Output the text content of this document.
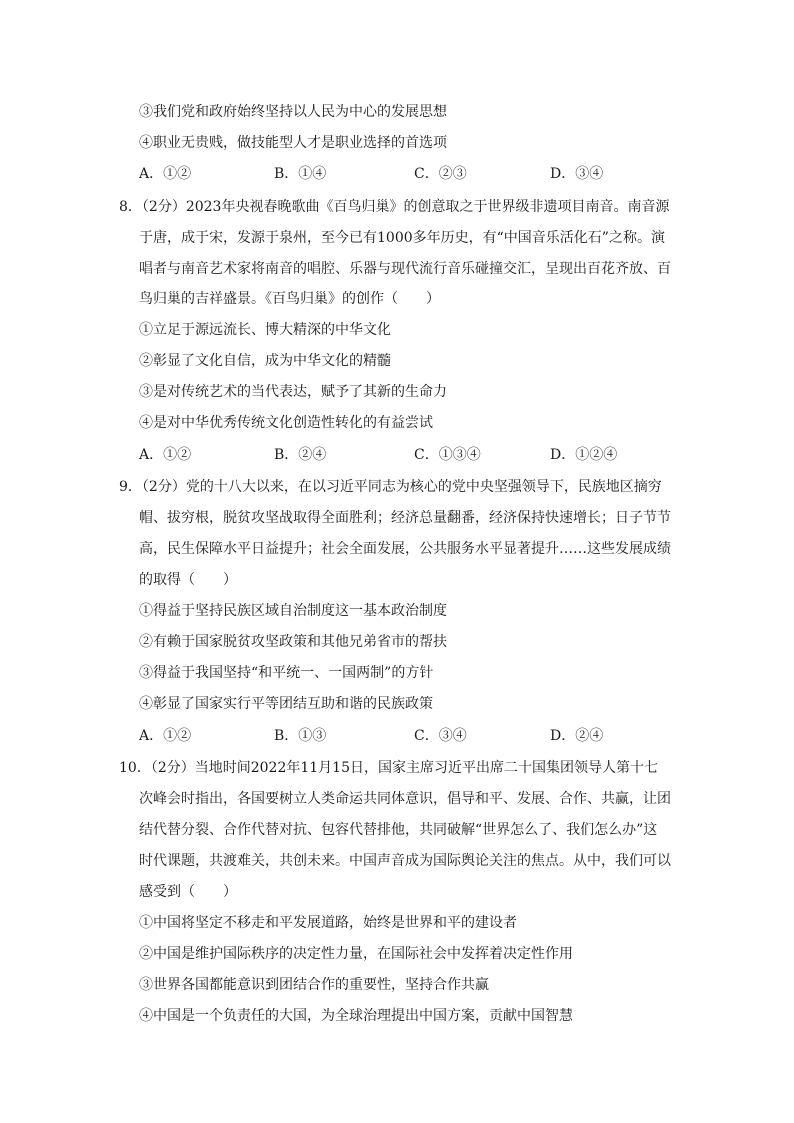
③我们党和政府始终坚持以人民为中心的发展思想
④职业无贵贱，做技能型人才是职业选择的首选项
A．①②	B．①④	C．②③	D．③④
8．（2分）2023年央视春晚歌曲《百鸟归巢》的创意取之于世界级非遗项目南音。南音源
于唐，成于宋，发源于泉州，至今已有1000多年历史，有“中国音乐活化石”之称。演
唱者与南音艺术家将南音的唱腔、乐器与现代流行音乐碰撞交汇，呈现出百花齐放、百
鸟归巢的吉祥盛景。《百鸟归巢》的创作（　　）
①立足于源远流长、博大精深的中华文化
②彰显了文化自信，成为中华文化的精髓
③是对传统艺术的当代表达，赋予了其新的生命力
④是对中华优秀传统文化创造性转化的有益尝试
A．①②	B．②④	C．①③④	D．①②④
9．（2分）党的十八大以来，在以习近平同志为核心的党中央坚强领导下，民族地区摘穷
帽、拔穷根，脱贫攻坚战取得全面胜利；经济总量翻番，经济保持快速增长；日子节节
高，民生保障水平日益提升；社会全面发展，公共服务水平显著提升……这些发展成绩
的取得（　　）
①得益于坚持民族区域自治制度这一基本政治制度
②有赖于国家脱贫攻坚政策和其他兄弟省市的帮扶
③得益于我国坚持“和平统一、一国两制”的方针
④彰显了国家实行平等团结互助和谐的民族政策
A．①②	B．①③	C．③④	D．②④
10．（2分）当地时间2022年11月15日，国家主席习近平出席二十国集团领导人第十七
次峰会时指出，各国要树立人类命运共同体意识，倡导和平、发展、合作、共赢，让团
结代替分裂、合作代替对抗、包容代替排他，共同破解“世界怎么了、我们怎么办”这
时代课题，共渡难关，共创未来。中国声音成为国际舆论关注的焦点。从中，我们可以
感受到（　　）
①中国将坚定不移走和平发展道路，始终是世界和平的建设者
②中国是维护国际秩序的决定性力量，在国际社会中发挥着决定性作用
③世界各国都能意识到团结合作的重要性，坚持合作共赢
④中国是一个负责任的大国，为全球治理提出中国方案，贡献中国智慧
